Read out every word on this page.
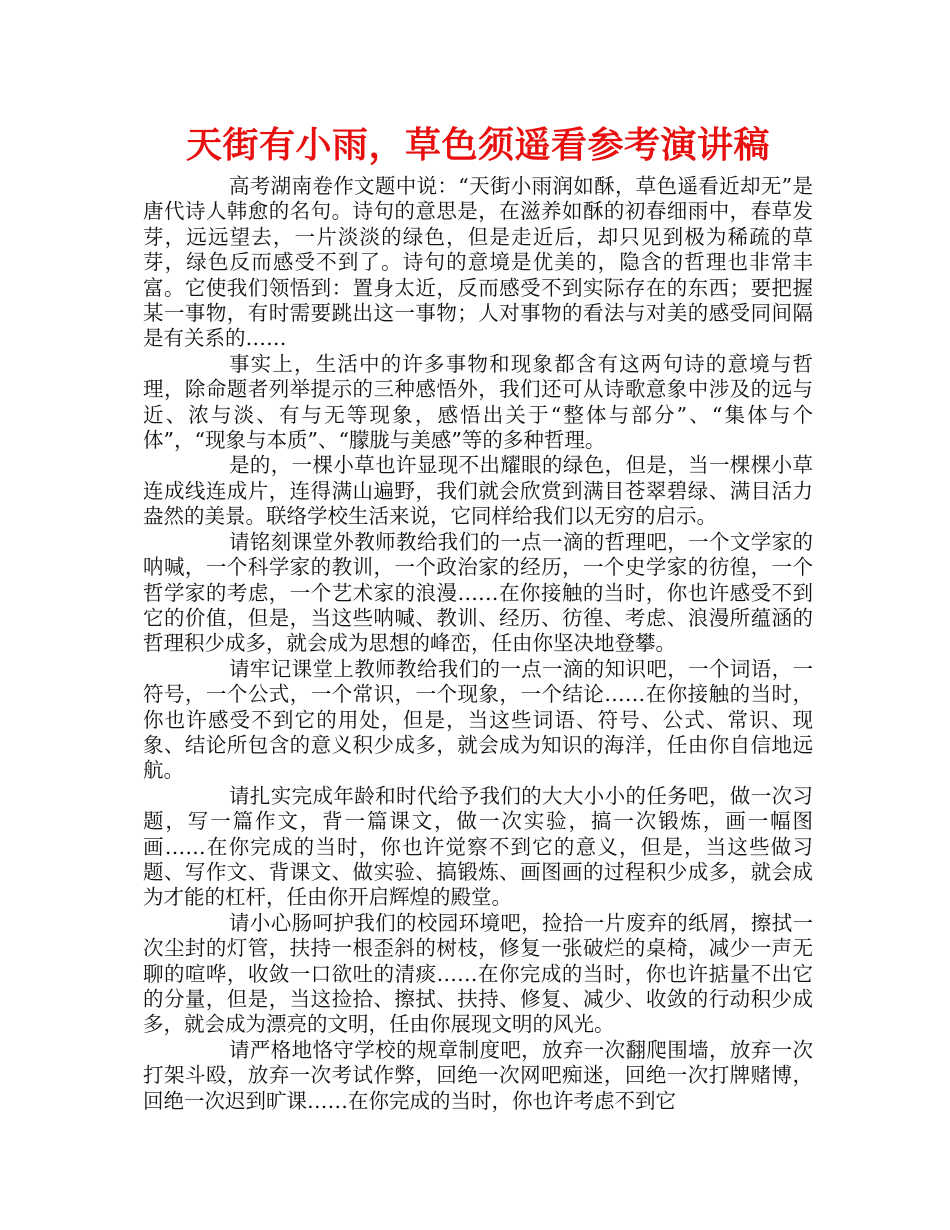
天街有小雨，草色须遥看参考演讲稿

高考湖南卷作文题中说：“天街小雨润如酥，草色遥看近却无”是唐代诗人韩愈的名句。诗句的意思是，在滋养如酥的初春细雨中，春草发芽，远远望去，一片淡淡的绿色，但是走近后，却只见到极为稀疏的草芽，绿色反而感受不到了。诗句的意境是优美的，隐含的哲理也非常丰富。它使我们领悟到：置身太近，反而感受不到实际存在的东西；要把握某一事物，有时需要跳出这一事物；人对事物的看法与对美的感受同间隔是有关系的……

事实上，生活中的许多事物和现象都含有这两句诗的意境与哲理，除命题者列举提示的三种感悟外，我们还可从诗歌意象中涉及的远与近、浓与淡、有与无等现象，感悟出关于“整体与部分”、“集体与个体”，“现象与本质”、“朦胧与美感”等的多种哲理。

是的，一棵小草也许显现不出耀眼的绿色，但是，当一棵棵小草连成线连成片，连得满山遍野，我们就会欣赏到满目苍翠碧绿、满目活力盎然的美景。联络学校生活来说，它同样给我们以无穷的启示。

请铭刻课堂外教师教给我们的一点一滴的哲理吧，一个文学家的呐喊，一个科学家的教训，一个政治家的经历，一个史学家的彷徨，一个哲学家的考虑，一个艺术家的浪漫……在你接触的当时，你也许感受不到它的价值，但是，当这些呐喊、教训、经历、彷徨、考虑、浪漫所蕴涵的哲理积少成多，就会成为思想的峰峦，任由你坚决地登攀。

请牢记课堂上教师教给我们的一点一滴的知识吧，一个词语，一符号，一个公式，一个常识，一个现象，一个结论……在你接触的当时，你也许感受不到它的用处，但是，当这些词语、符号、公式、常识、现象、结论所包含的意义积少成多，就会成为知识的海洋，任由你自信地远航。

请扎实完成年龄和时代给予我们的大大小小的任务吧，做一次习题，写一篇作文，背一篇课文，做一次实验，搞一次锻炼，画一幅图画……在你完成的当时，你也许觉察不到它的意义，但是，当这些做习题、写作文、背课文、做实验、搞锻炼、画图画的过程积少成多，就会成为才能的杠杆，任由你开启辉煌的殿堂。

请小心肠呵护我们的校园环境吧，捡拾一片废弃的纸屑，擦拭一次尘封的灯管，扶持一根歪斜的树枝，修复一张破烂的桌椅，减少一声无聊的喧哗，收敛一口欲吐的清痰……在你完成的当时，你也许掂量不出它的分量，但是，当这捡拾、擦拭、扶持、修复、减少、收敛的行动积少成多，就会成为漂亮的文明，任由你展现文明的风光。

请严格地恪守学校的规章制度吧，放弃一次翻爬围墙，放弃一次打架斗殴，放弃一次考试作弊，回绝一次网吧痴迷，回绝一次打牌赌博，回绝一次迟到旷课……在你完成的当时，你也许考虑不到它
